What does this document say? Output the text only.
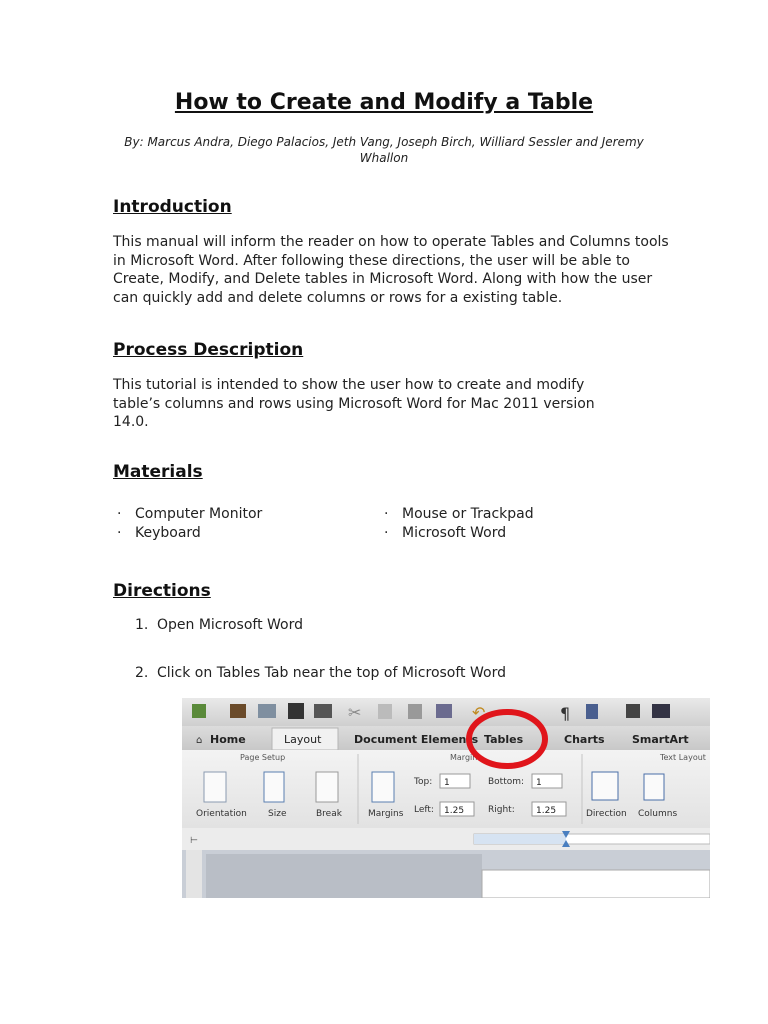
How to Create and Modify a Table
By: Marcus Andra, Diego Palacios, Jeth Vang, Joseph Birch, Williard Sessler and Jeremy Whallon
Introduction
This manual will inform the reader on how to operate Tables and Columns tools in Microsoft Word. After following these directions, the user will be able to Create, Modify, and Delete tables in Microsoft Word. Along with how the user can quickly add and delete columns or rows for a existing table.
Process Description
This tutorial is intended to show the user how to create and modify table’s columns and rows using Microsoft Word for Mac 2011 version 14.0.
Materials
· Computer Monitor
· Keyboard
· Mouse or Trackpad
· Microsoft Word
Directions
1. Open Microsoft Word
2. Click on Tables Tab near the top of Microsoft Word
✂	↶	¶
Home
⌂	Layout	Document Elements Tables	Charts SmartArt
Page Setup	Margins	Text Layout
Orientation Size	Break	Margins
Top: 1	Bottom: 1
Left: 1.25	Right: 1.25	Direction Columns
⊢
